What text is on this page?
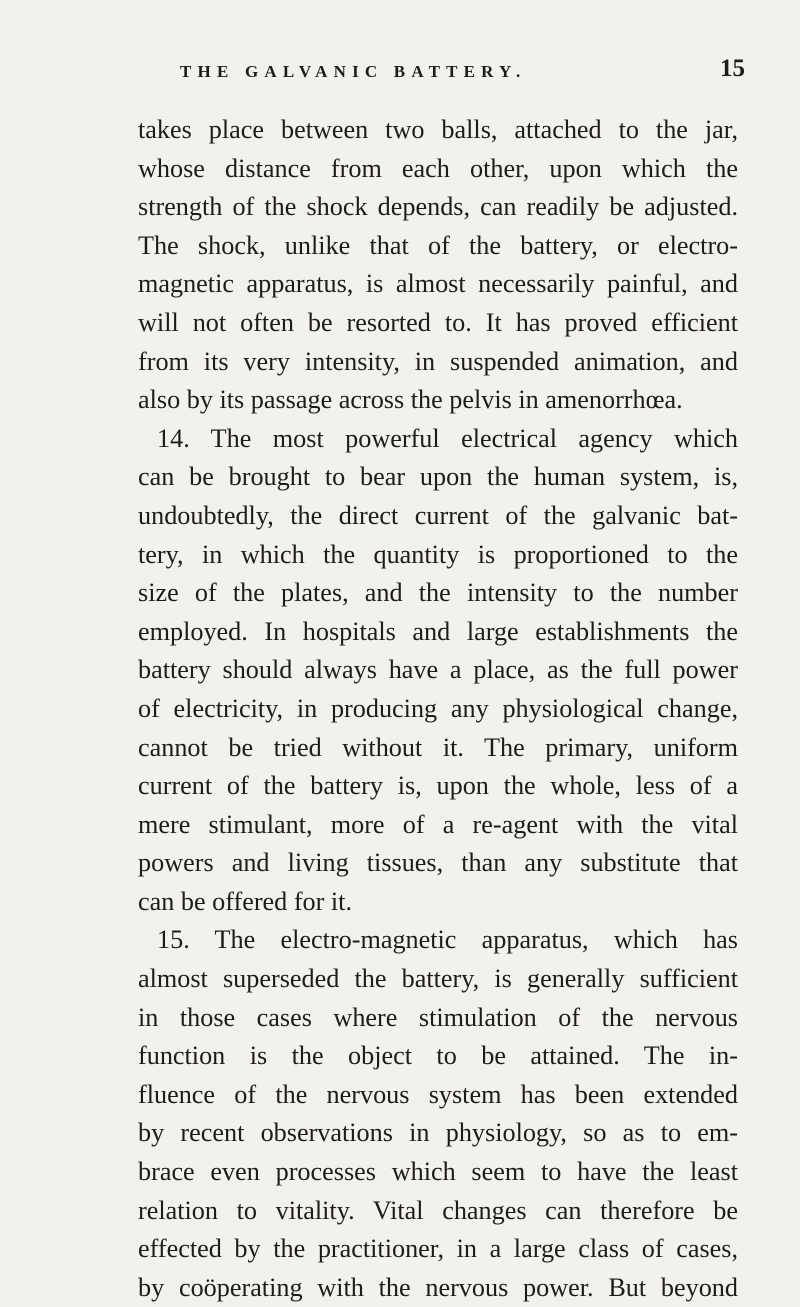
THE GALVANIC BATTERY.	15
takes place between two balls, attached to the jar,
whose distance from each other, upon which the
strength of the shock depends, can readily be adjusted.
The shock, unlike that of the battery, or electro-
magnetic apparatus, is almost necessarily painful, and
will not often be resorted to. It has proved efficient
from its very intensity, in suspended animation, and
also by its passage across the pelvis in amenorrhœa.
14. The most powerful electrical agency which
can be brought to bear upon the human system, is,
undoubtedly, the direct current of the galvanic bat-
tery, in which the quantity is proportioned to the
size of the plates, and the intensity to the number
employed. In hospitals and large establishments the
battery should always have a place, as the full power
of electricity, in producing any physiological change,
cannot be tried without it. The primary, uniform
current of the battery is, upon the whole, less of a
mere stimulant, more of a re-agent with the vital
powers and living tissues, than any substitute that
can be offered for it.
15. The electro-magnetic apparatus, which has
almost superseded the battery, is generally sufficient
in those cases where stimulation of the nervous
function is the object to be attained. The in-
fluence of the nervous system has been extended
by recent observations in physiology, so as to em-
brace even processes which seem to have the least
relation to vitality. Vital changes can therefore be
effected by the practitioner, in a large class of cases,
by coöperating with the nervous power. But beyond
